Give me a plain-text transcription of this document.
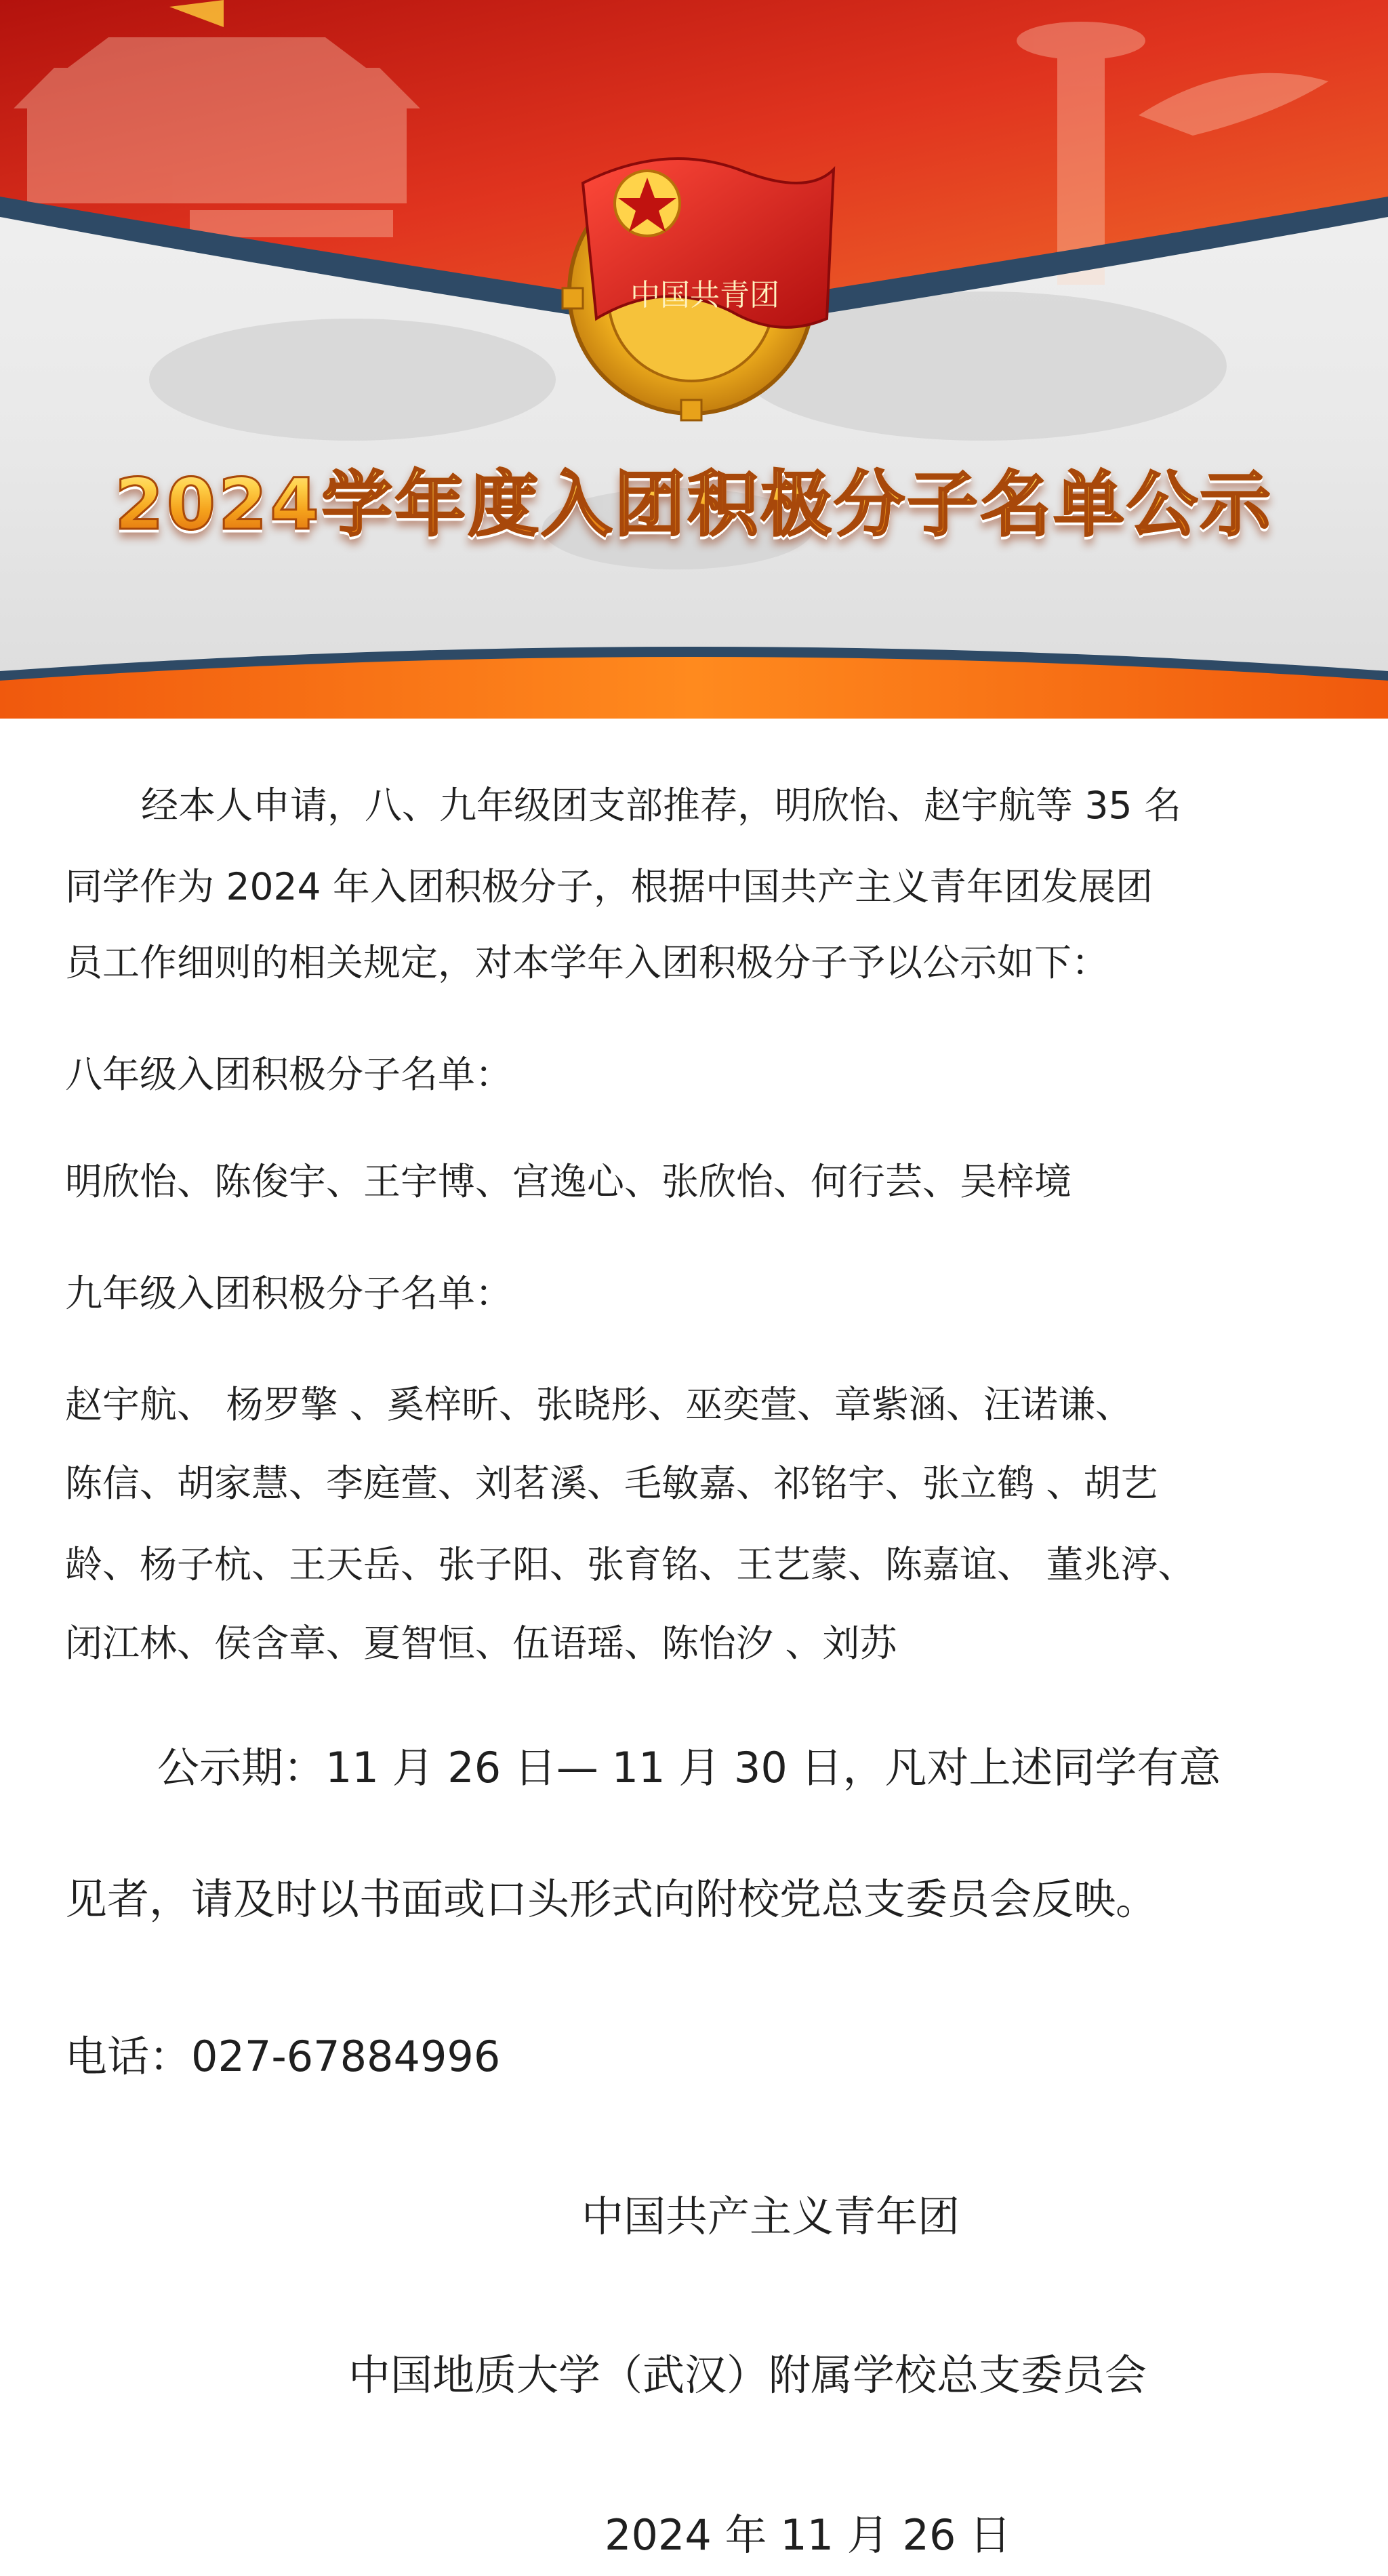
中国共青团
2024学年度入团积极分子名单公示
经本人申请，八、九年级团支部推荐，明欣怡、赵宇航等 35 名
同学作为 2024 年入团积极分子，根据中国共产主义青年团发展团
员工作细则的相关规定，对本学年入团积极分子予以公示如下：
八年级入团积极分子名单：
明欣怡、陈俊宇、王宇博、宫逸心、张欣怡、何行芸、吴梓境
九年级入团积极分子名单：
赵宇航、 杨罗擎 、奚梓昕、张晓彤、巫奕萱、章紫涵、汪诺谦、
陈信、胡家慧、李庭萱、刘茗溪、毛敏嘉、祁铭宇、张立鹤 、胡艺
龄、杨子杭、王天岳、张子阳、张育铭、王艺蒙、陈嘉谊、 董兆渟、
闭江林、侯含章、夏智恒、伍语瑶、陈怡汐 、刘苏
公示期：11 月 26 日— 11 月 30 日，凡对上述同学有意
见者，请及时以书面或口头形式向附校党总支委员会反映。
电话：027-67884996
中国共产主义青年团
中国地质大学（武汉）附属学校总支委员会
2024 年 11 月 26 日
